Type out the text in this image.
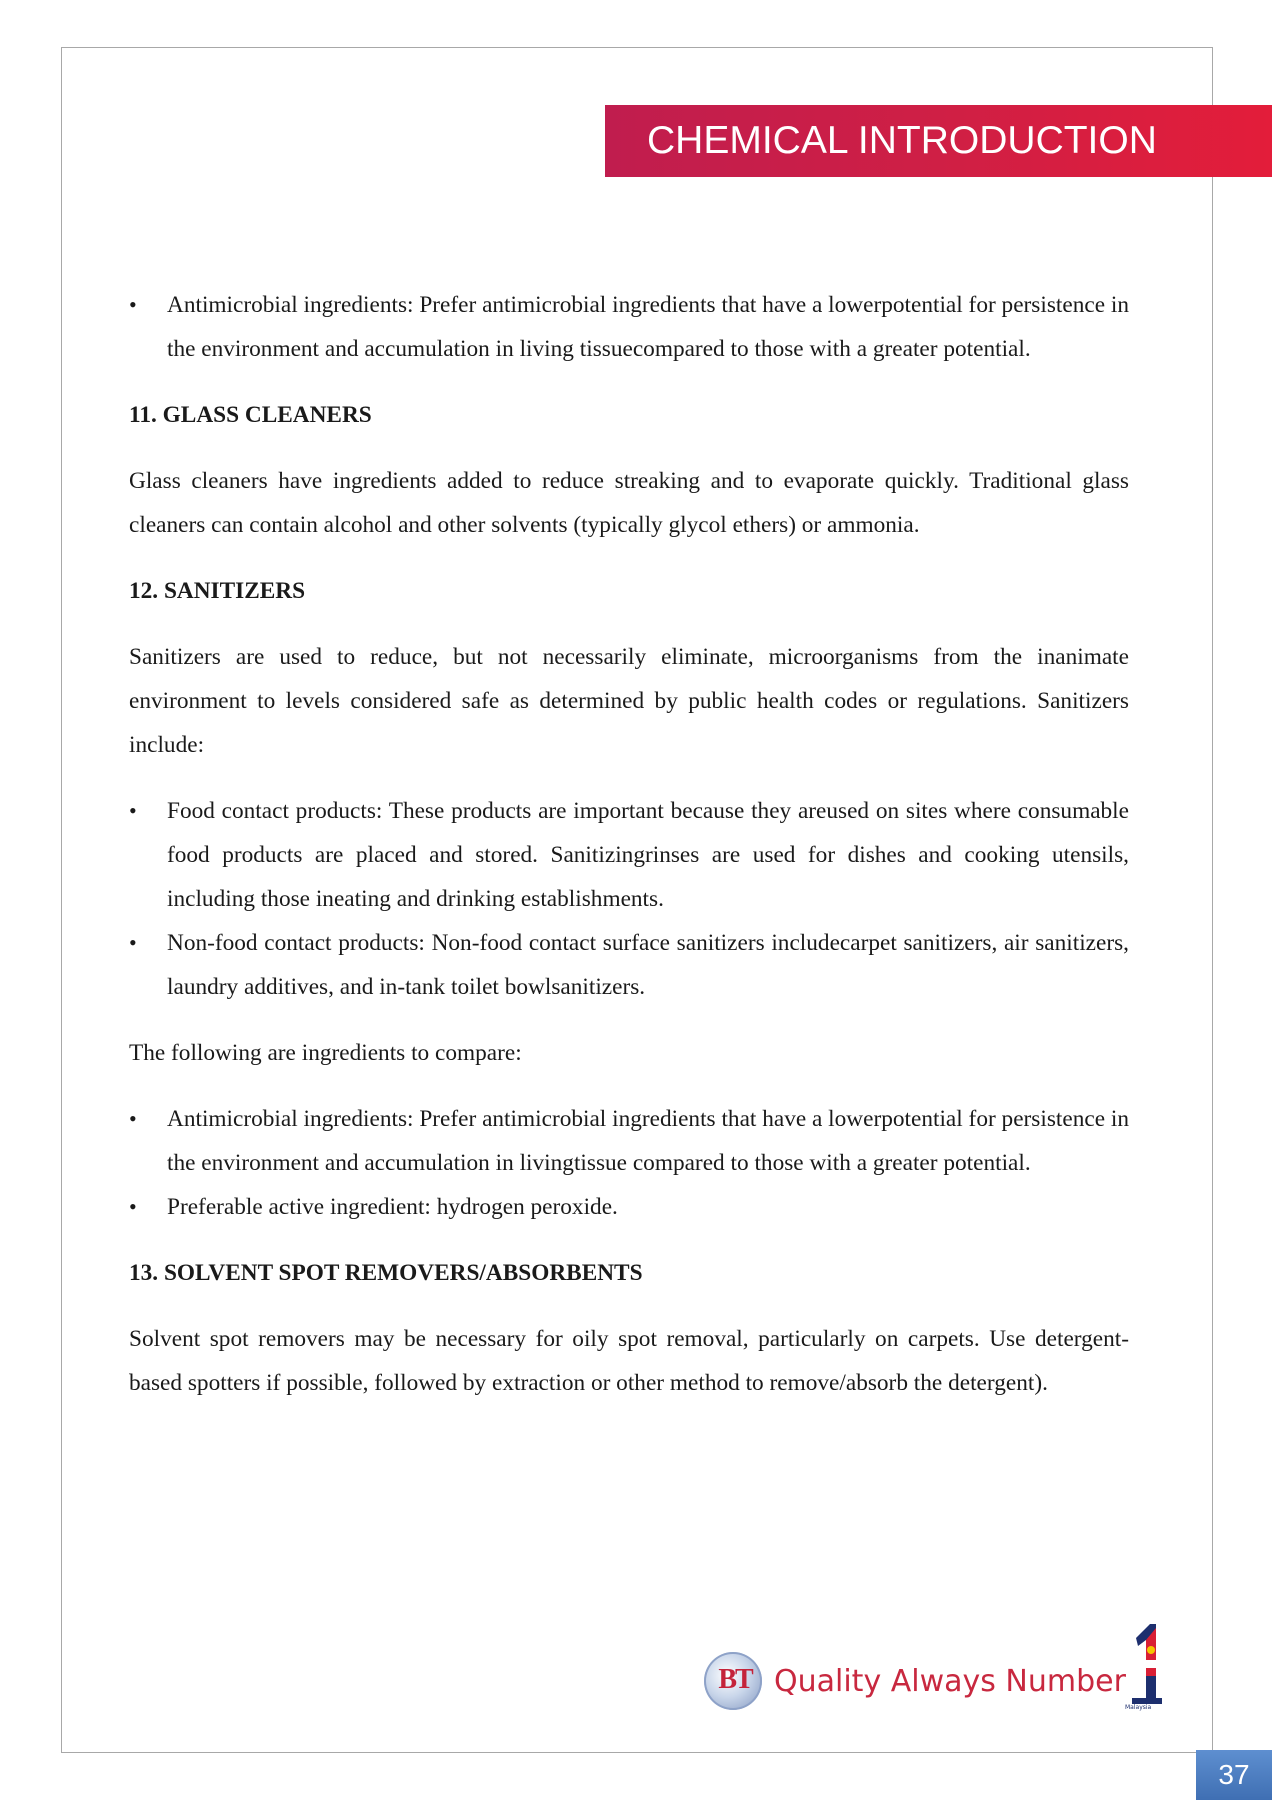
CHEMICAL INTRODUCTION
• Antimicrobial ingredients: Prefer antimicrobial ingredients that have a lowerpotential for persistence in the environment and accumulation in living tissuecompared to those with a greater potential.
11. GLASS CLEANERS

Glass cleaners have ingredients added to reduce streaking and to evaporate quickly. Traditional glass cleaners can contain alcohol and other solvents (typically glycol ethers) or ammonia.

12. SANITIZERS

Sanitizers are used to reduce, but not necessarily eliminate, microorganisms from the inanimate environment to levels considered safe as determined by public health codes or regulations. Sanitizers include:

• Food contact products: These products are important because they areused on sites where consumable food products are placed and stored. Sanitizingrinses are used for dishes and cooking utensils, including those ineating and drinking establishments.
• Non-food contact products: Non-food contact surface sanitizers includecarpet sanitizers, air sanitizers, laundry additives, and in-tank toilet bowlsanitizers.

The following are ingredients to compare:

• Antimicrobial ingredients: Prefer antimicrobial ingredients that have a lowerpotential for persistence in the environment and accumulation in livingtissue compared to those with a greater potential.
• Preferable active ingredient: hydrogen peroxide.
13. SOLVENT SPOT REMOVERS/ABSORBENTS

Solvent spot removers may be necessary for oily spot removal, particularly on carpets. Use detergent-based spotters if possible, followed by extraction or other method to remove/absorb the detergent).

BT Quality Always Number
Malaysia
37
